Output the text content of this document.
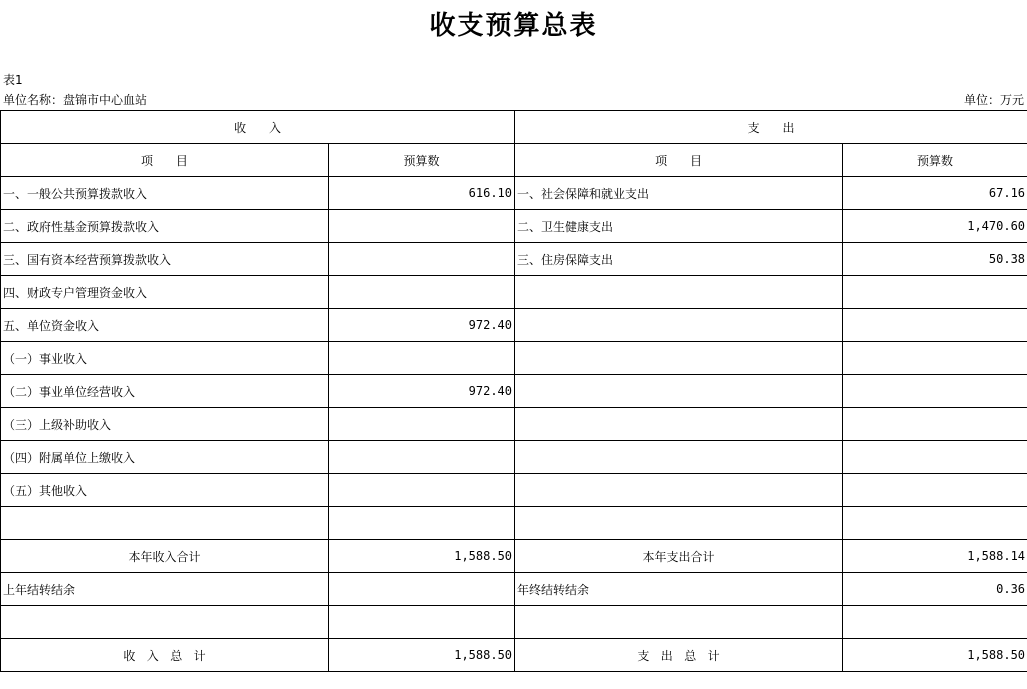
收支预算总表
表1
单位名称：盘锦市中心血站	单位：万元
收      入		支      出	
项      目	预算数	项      目	预算数
一、一般公共预算拨款收入	616.10	一、社会保障和就业支出	67.16
二、政府性基金预算拨款收入		二、卫生健康支出	1,470.60
三、国有资本经营预算拨款收入		三、住房保障支出	50.38
四、财政专户管理资金收入			
五、单位资金收入	972.40		
（一）事业收入			
（二）事业单位经营收入	972.40		
（三）上级补助收入			
（四）附属单位上缴收入			
（五）其他收入			

本年收入合计	1,588.50	本年支出合计	1,588.14
上年结转结余		年终结转结余	0.36

收   入   总   计	1,588.50	支   出   总   计	1,588.50
